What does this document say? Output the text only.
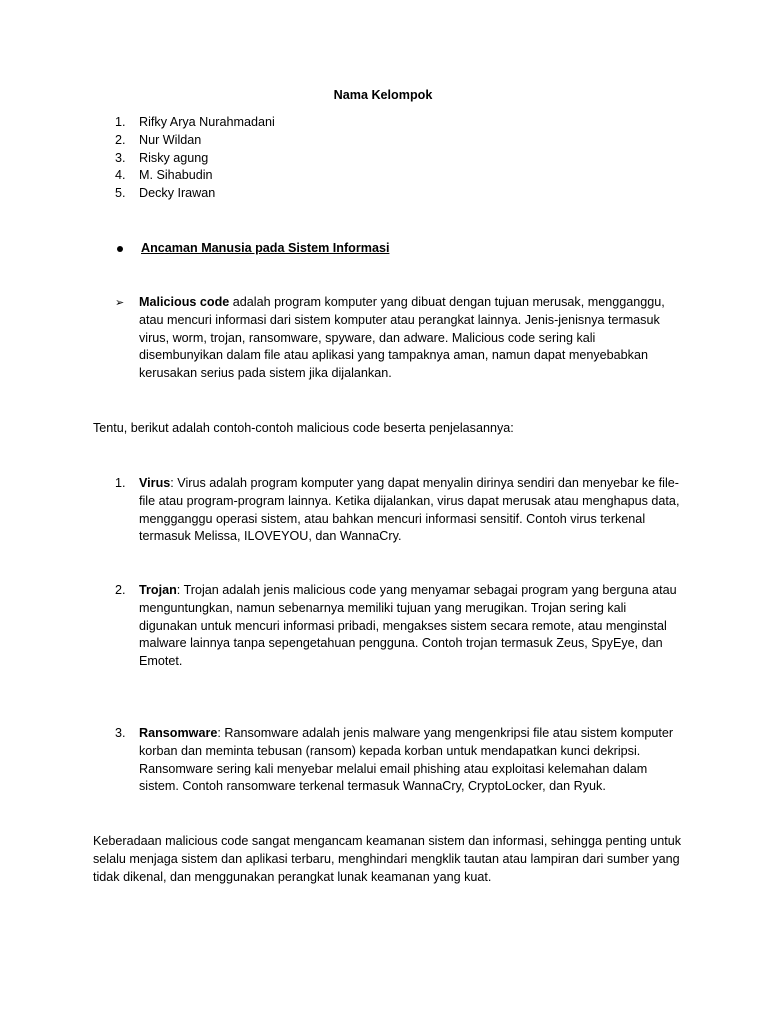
Nama Kelompok
1.	Rifky Arya Nurahmadani
2.	Nur Wildan
3.	Risky agung
4.	M. Sihabudin
5.	Decky Irawan
Ancaman Manusia pada Sistem Informasi
➢	Malicious code adalah program komputer yang dibuat dengan tujuan merusak, mengganggu, atau mencuri informasi dari sistem komputer atau perangkat lainnya. Jenis-jenisnya termasuk virus, worm, trojan, ransomware, spyware, dan adware. Malicious code sering kali disembunyikan dalam file atau aplikasi yang tampaknya aman, namun dapat menyebabkan kerusakan serius pada sistem jika dijalankan.
Tentu, berikut adalah contoh-contoh malicious code beserta penjelasannya:
1.	Virus: Virus adalah program komputer yang dapat menyalin dirinya sendiri dan menyebar ke file-file atau program-program lainnya. Ketika dijalankan, virus dapat merusak atau menghapus data, mengganggu operasi sistem, atau bahkan mencuri informasi sensitif. Contoh virus terkenal termasuk Melissa, ILOVEYOU, dan WannaCry.
2.	Trojan: Trojan adalah jenis malicious code yang menyamar sebagai program yang berguna atau menguntungkan, namun sebenarnya memiliki tujuan yang merugikan. Trojan sering kali digunakan untuk mencuri informasi pribadi, mengakses sistem secara remote, atau menginstal malware lainnya tanpa sepengetahuan pengguna. Contoh trojan termasuk Zeus, SpyEye, dan Emotet.
3.	Ransomware: Ransomware adalah jenis malware yang mengenkripsi file atau sistem komputer korban dan meminta tebusan (ransom) kepada korban untuk mendapatkan kunci dekripsi. Ransomware sering kali menyebar melalui email phishing atau exploitasi kelemahan dalam sistem. Contoh ransomware terkenal termasuk WannaCry, CryptoLocker, dan Ryuk.
Keberadaan malicious code sangat mengancam keamanan sistem dan informasi, sehingga penting untuk selalu menjaga sistem dan aplikasi terbaru, menghindari mengklik tautan atau lampiran dari sumber yang tidak dikenal, dan menggunakan perangkat lunak keamanan yang kuat.
